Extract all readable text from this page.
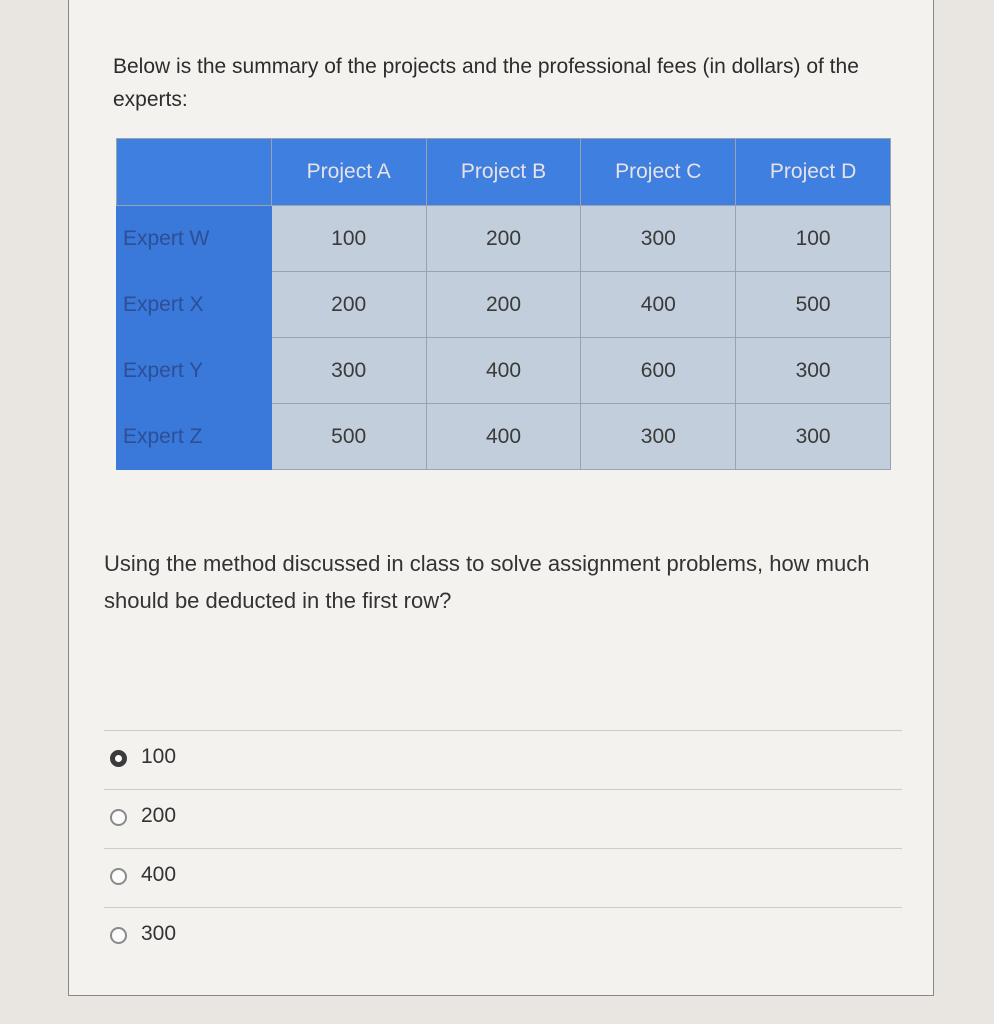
Below is the summary of the projects and the professional fees (in dollars) of the experts:

	Project A	Project B	Project C	Project D
Expert W	100	200	300	100
Expert X	200	200	400	500
Expert Y	300	400	600	300
Expert Z	500	400	300	300

Using the method discussed in class to solve assignment problems, how much should be deducted in the first row?

100
200
400
300
